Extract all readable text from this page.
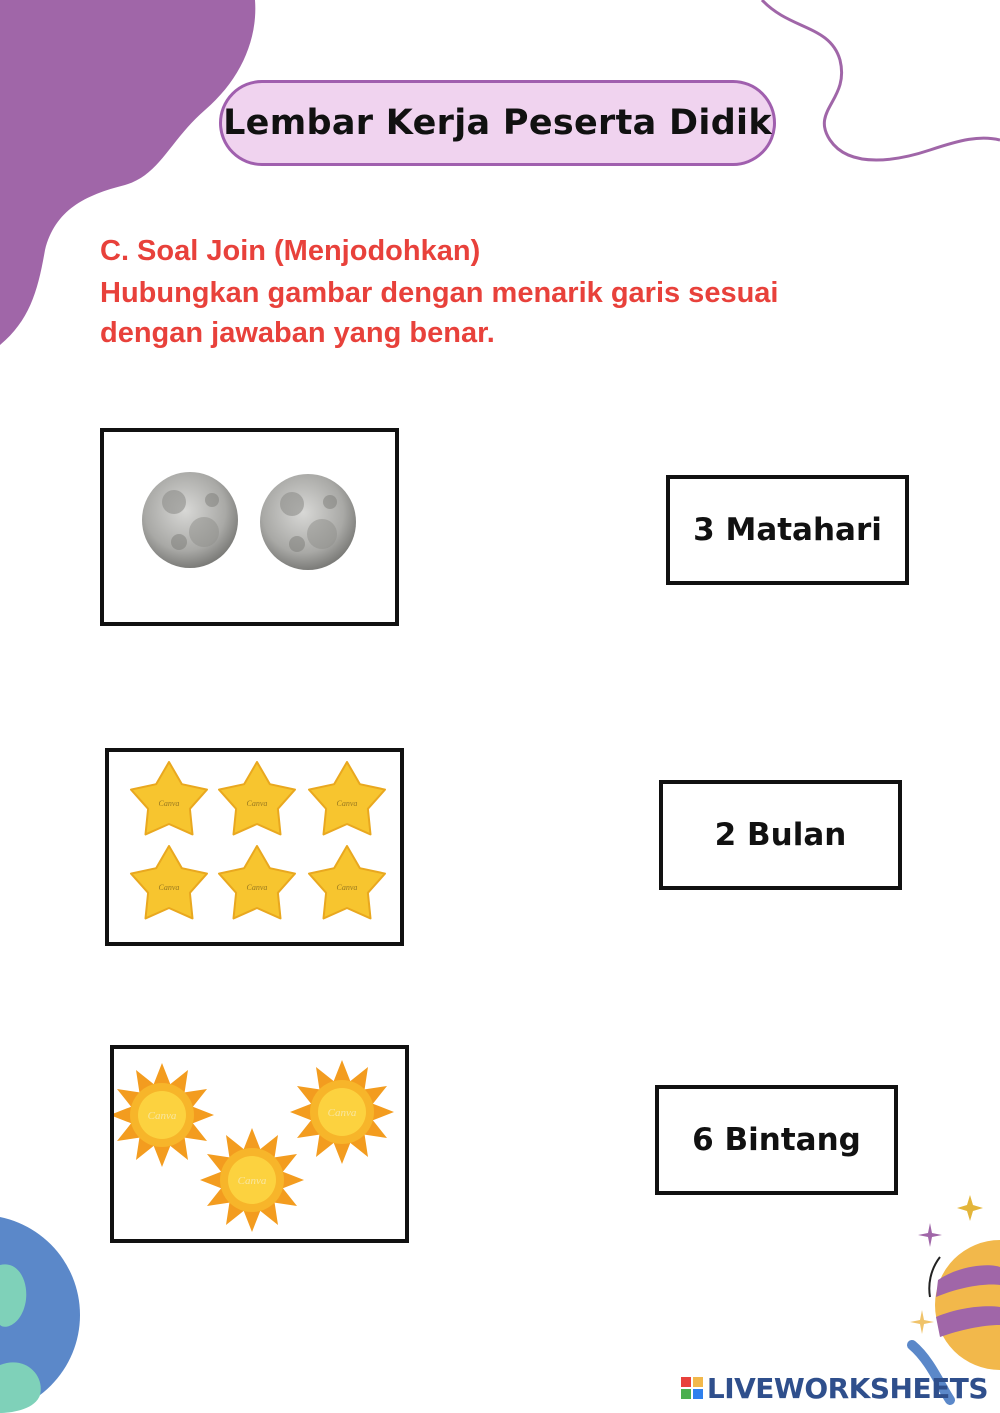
Lembar Kerja Peserta Didik
C. Soal Join (Menjodohkan)
Hubungkan gambar dengan menarik garis sesuai
dengan jawaban yang benar.
Canva	Canva	Canva
Canva	Canva	Canva
Canva	Canva
Canva
3 Matahari
2 Bulan
6 Bintang
LIVEWORKSHEETS
